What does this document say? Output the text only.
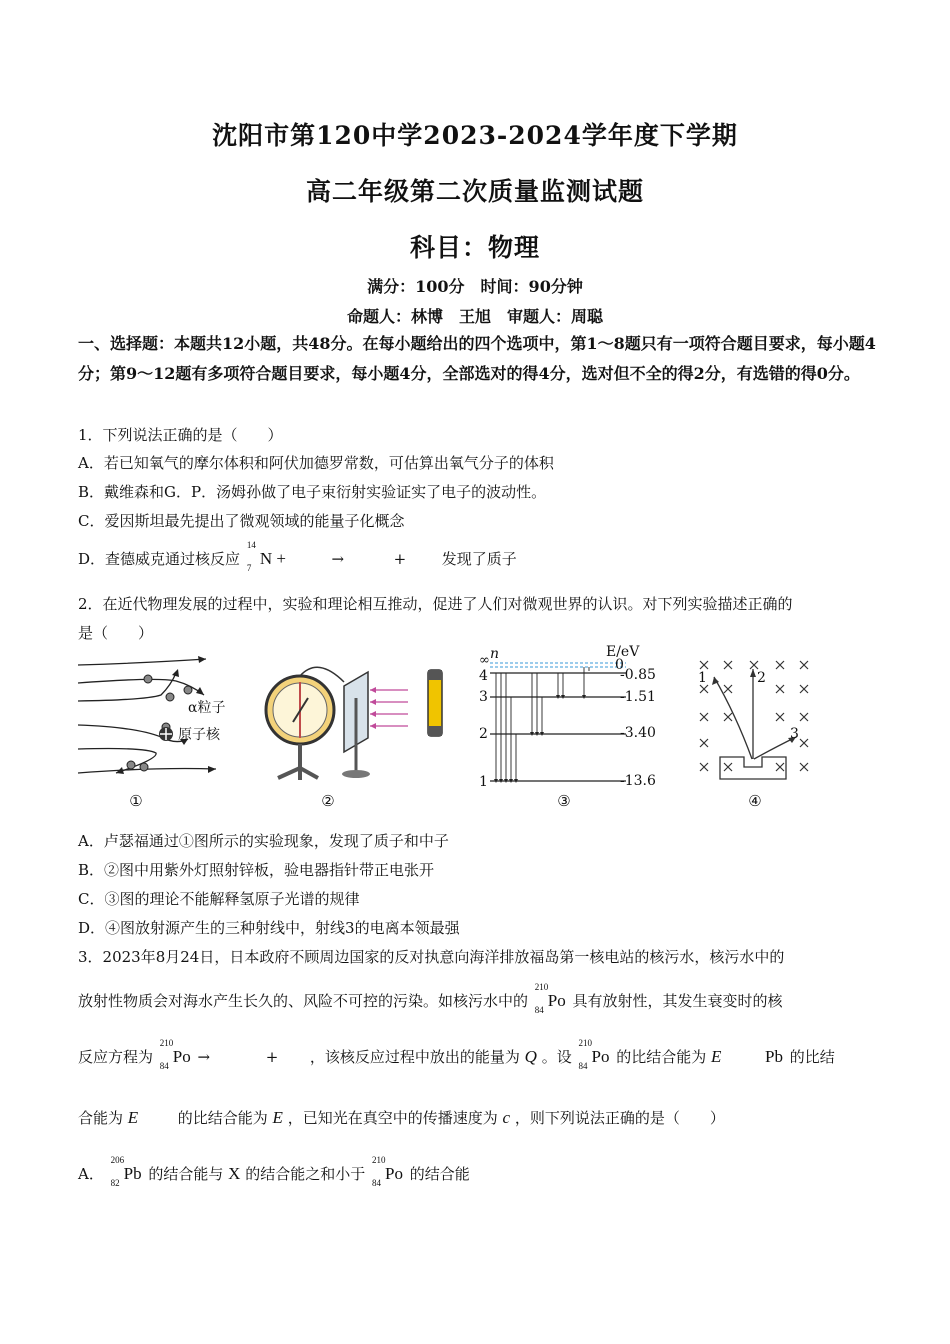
沈阳市第120中学2023-2024学年度下学期
高二年级第二次质量监测试题
科目：物理
满分：100分　时间：90分钟
命题人：林博　王旭　审题人：周聪
一、选择题：本题共12小题，共48分。在每小题给出的四个选项中，第1～8题只有一项符合题目要求，每小题4分；第9～12题有多项符合题目要求，每小题4分，全部选对的得4分，选对但不全的得2分，有选错的得0分。
1．下列说法正确的是（　　）
A．若已知氧气的摩尔体积和阿伏加德罗常数，可估算出氧气分子的体积
B．戴维森和G．P．汤姆孙做了电子束衍射实验证实了电子的波动性。
C．爱因斯坦最先提出了微观领域的能量子化概念
D．查德威克通过核反应
14
7 N +	→	+ 发现了质子
2．在近代物理发展的过程中，实验和理论相互推动，促进了人们对微观世界的认识。对下列实验描述正确的
是（　　）
α粒子
原子核
①	②
n	E/eV
∞	0
4	-0.85
3	-1.51
2	-3.40
1	-13.6
③
1	2
3
④
A．卢瑟福通过①图所示的实验现象，发现了质子和中子
B．②图中用紫外灯照射锌板，验电器指针带正电张开
C．③图的理论不能解释氢原子光谱的规律
D．④图放射源产生的三种射线中，射线3的电离本领最强
3．2023年8月24日，日本政府不顾周边国家的反对执意向海洋排放福岛第一核电站的核污水，核污水中的
放射性物质会对海水产生长久的、风险不可控的污染。如核污水中的
210
84 Po 具有放射性，其发生衰变时的核
反应方程为
210
84 Po →	+ ，该核反应过程中放出的能量为 Q 。设
210
84 Po 的比结合能为 E	Pb 的比结
合能为 E	的比结合能为 E ，已知光在真空中的传播速度为 c ，则下列说法正确的是（　　）
A．
206
82 Pb 的结合能与 X 的结合能之和小于
210
84 Po 的结合能
